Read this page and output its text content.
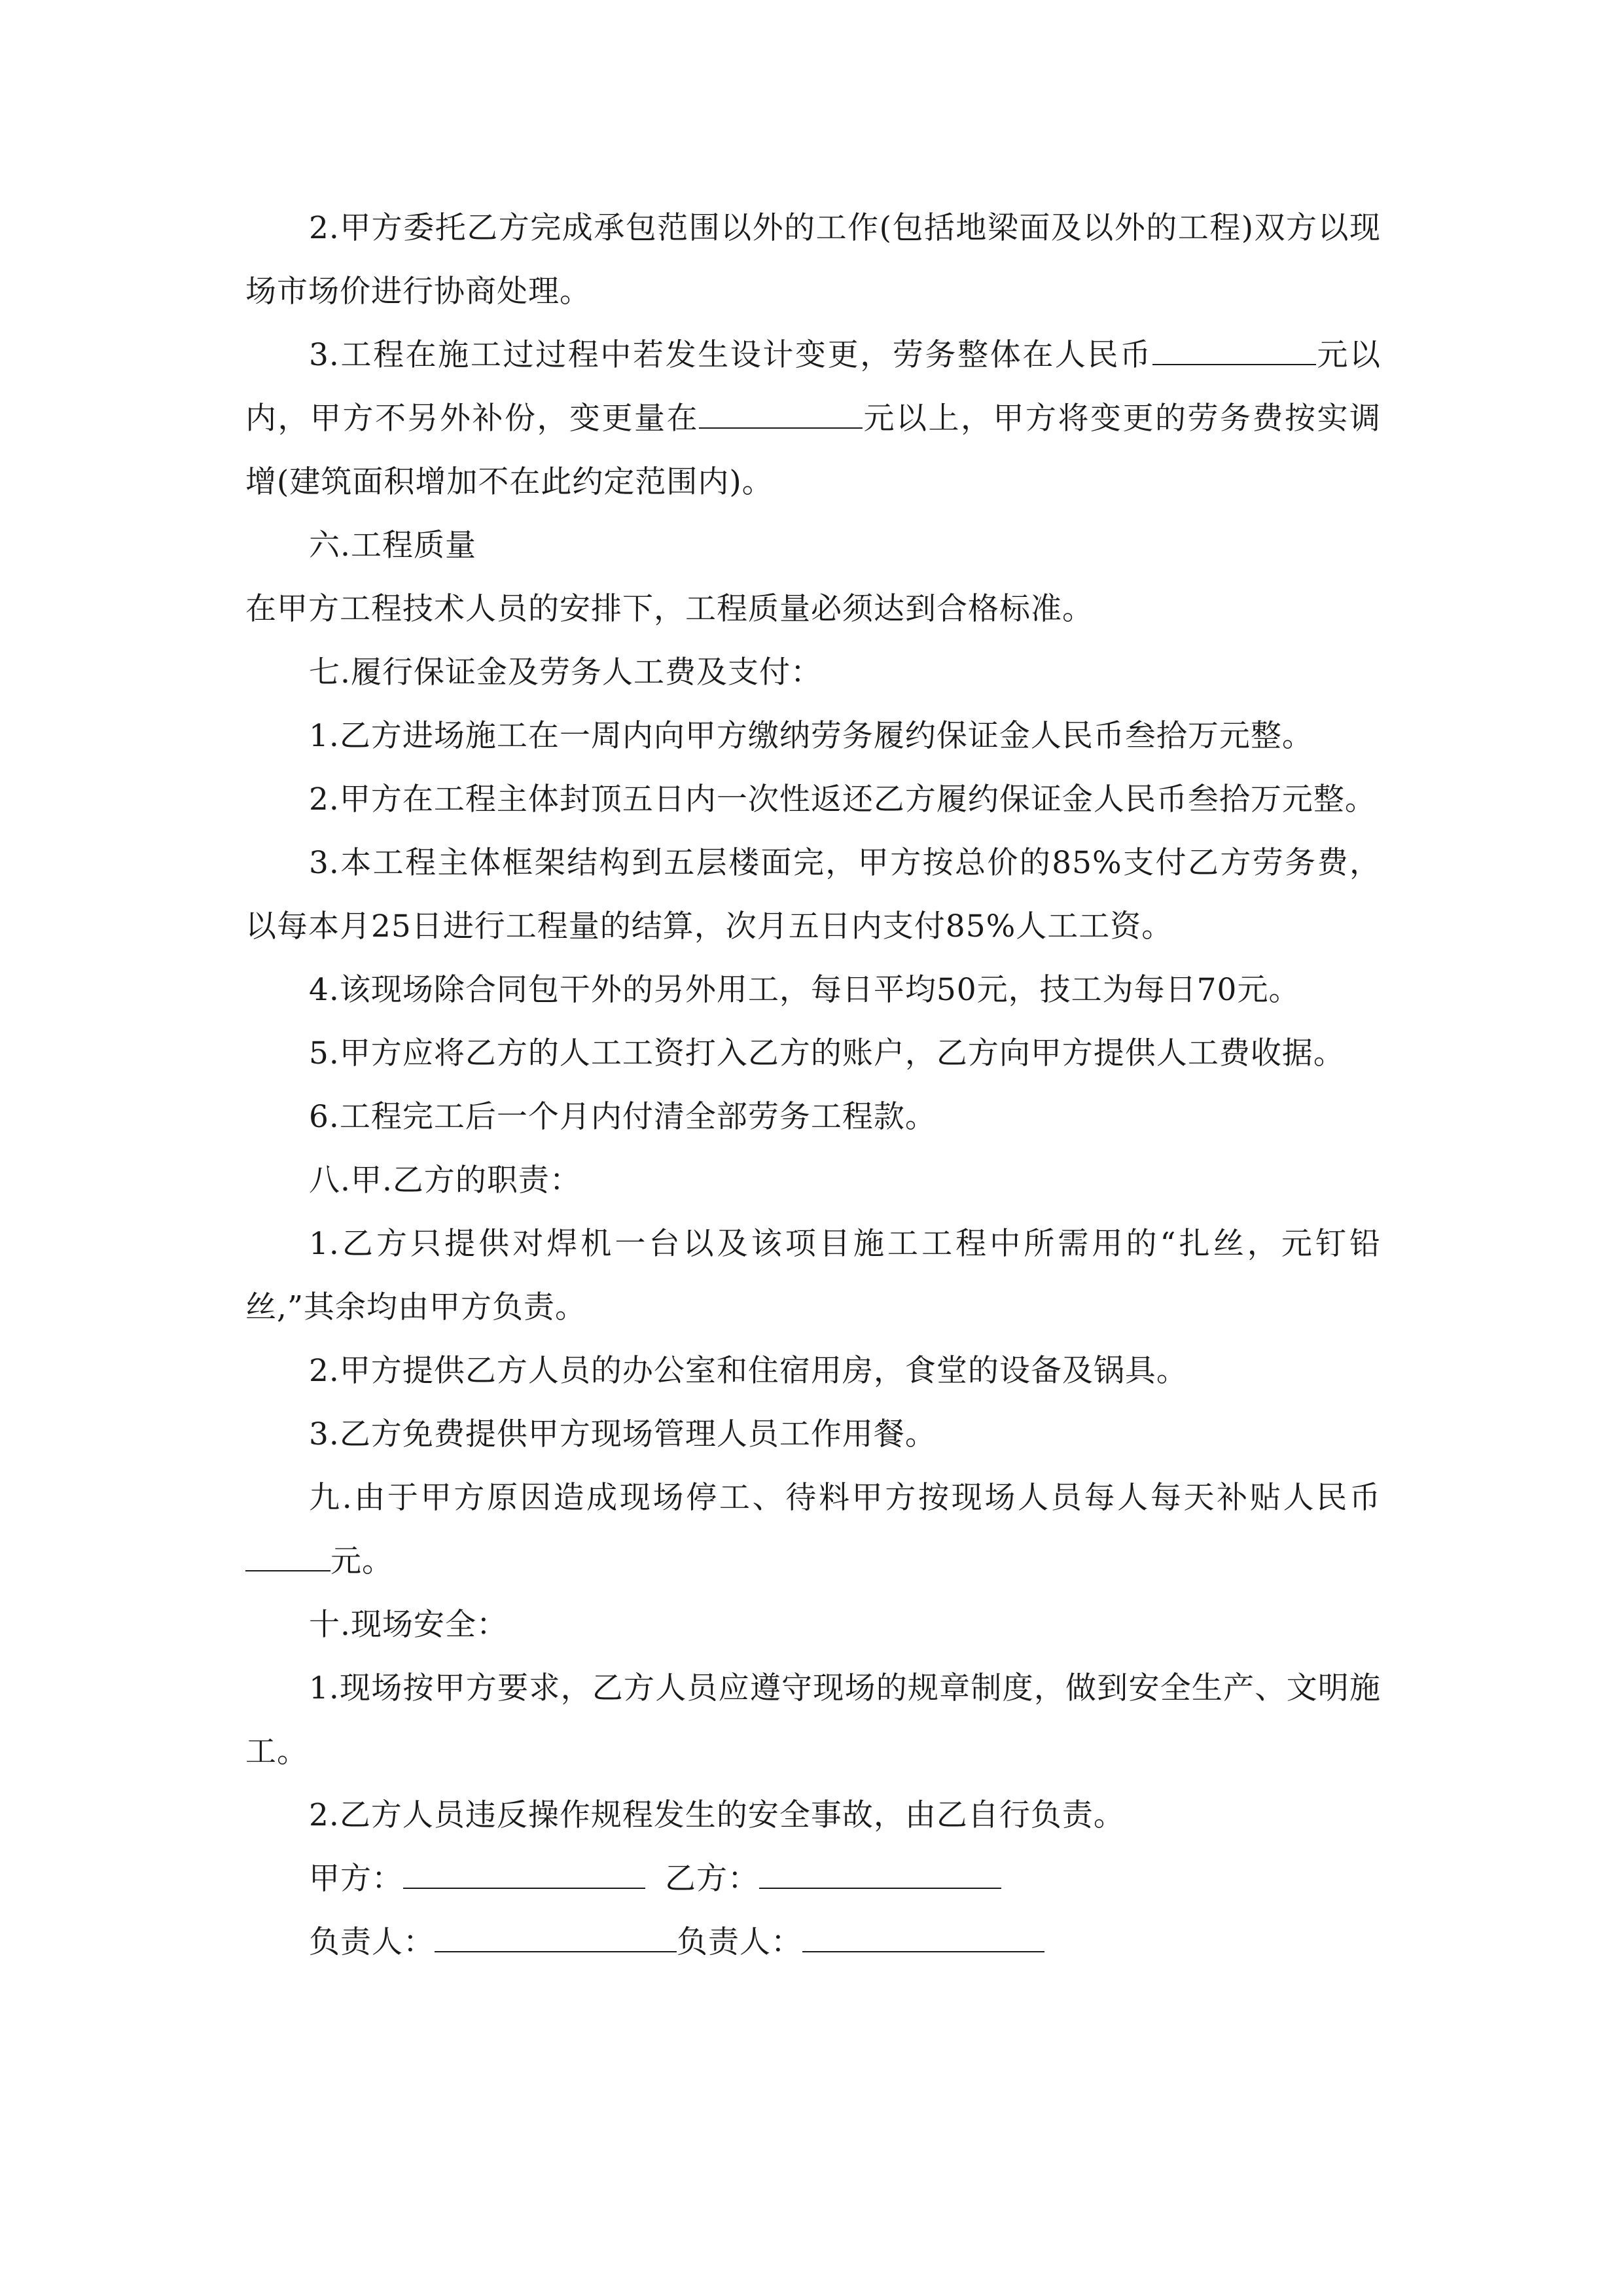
2.甲方委托乙方完成承包范围以外的工作(包括地梁面及以外的工程)双方以现场市场价进行协商处理。

3.工程在施工过过程中若发生设计变更，劳务整体在人民币	元以内，甲方不另外补份，变更量在	元以上，甲方将变更的劳务费按实调增(建筑面积增加不在此约定范围内)。

六.工程质量

在甲方工程技术人员的安排下，工程质量必须达到合格标准。

七.履行保证金及劳务人工费及支付：

1.乙方进场施工在一周内向甲方缴纳劳务履约保证金人民币叁拾万元整。

2.甲方在工程主体封顶五日内一次性返还乙方履约保证金人民币叁拾万元整。

3.本工程主体框架结构到五层楼面完，甲方按总价的85%支付乙方劳务费，以每本月25日进行工程量的结算，次月五日内支付85%人工工资。

4.该现场除合同包干外的另外用工，每日平均50元，技工为每日70元。

5.甲方应将乙方的人工工资打入乙方的账户，乙方向甲方提供人工费收据。

6.工程完工后一个月内付清全部劳务工程款。

八.甲.乙方的职责：

1.乙方只提供对焊机一台以及该项目施工工程中所需用的“扎丝，元钉铅丝,”其余均由甲方负责。

2.甲方提供乙方人员的办公室和住宿用房，食堂的设备及锅具。

3.乙方免费提供甲方现场管理人员工作用餐。

九.由于甲方原因造成现场停工、待料甲方按现场人员每人每天补贴人民币元。

十.现场安全：

1.现场按甲方要求，乙方人员应遵守现场的规章制度，做到安全生产、文明施工。

2.乙方人员违反操作规程发生的安全事故，由乙自行负责。

甲方：	乙方：
负责人：	负责人：
